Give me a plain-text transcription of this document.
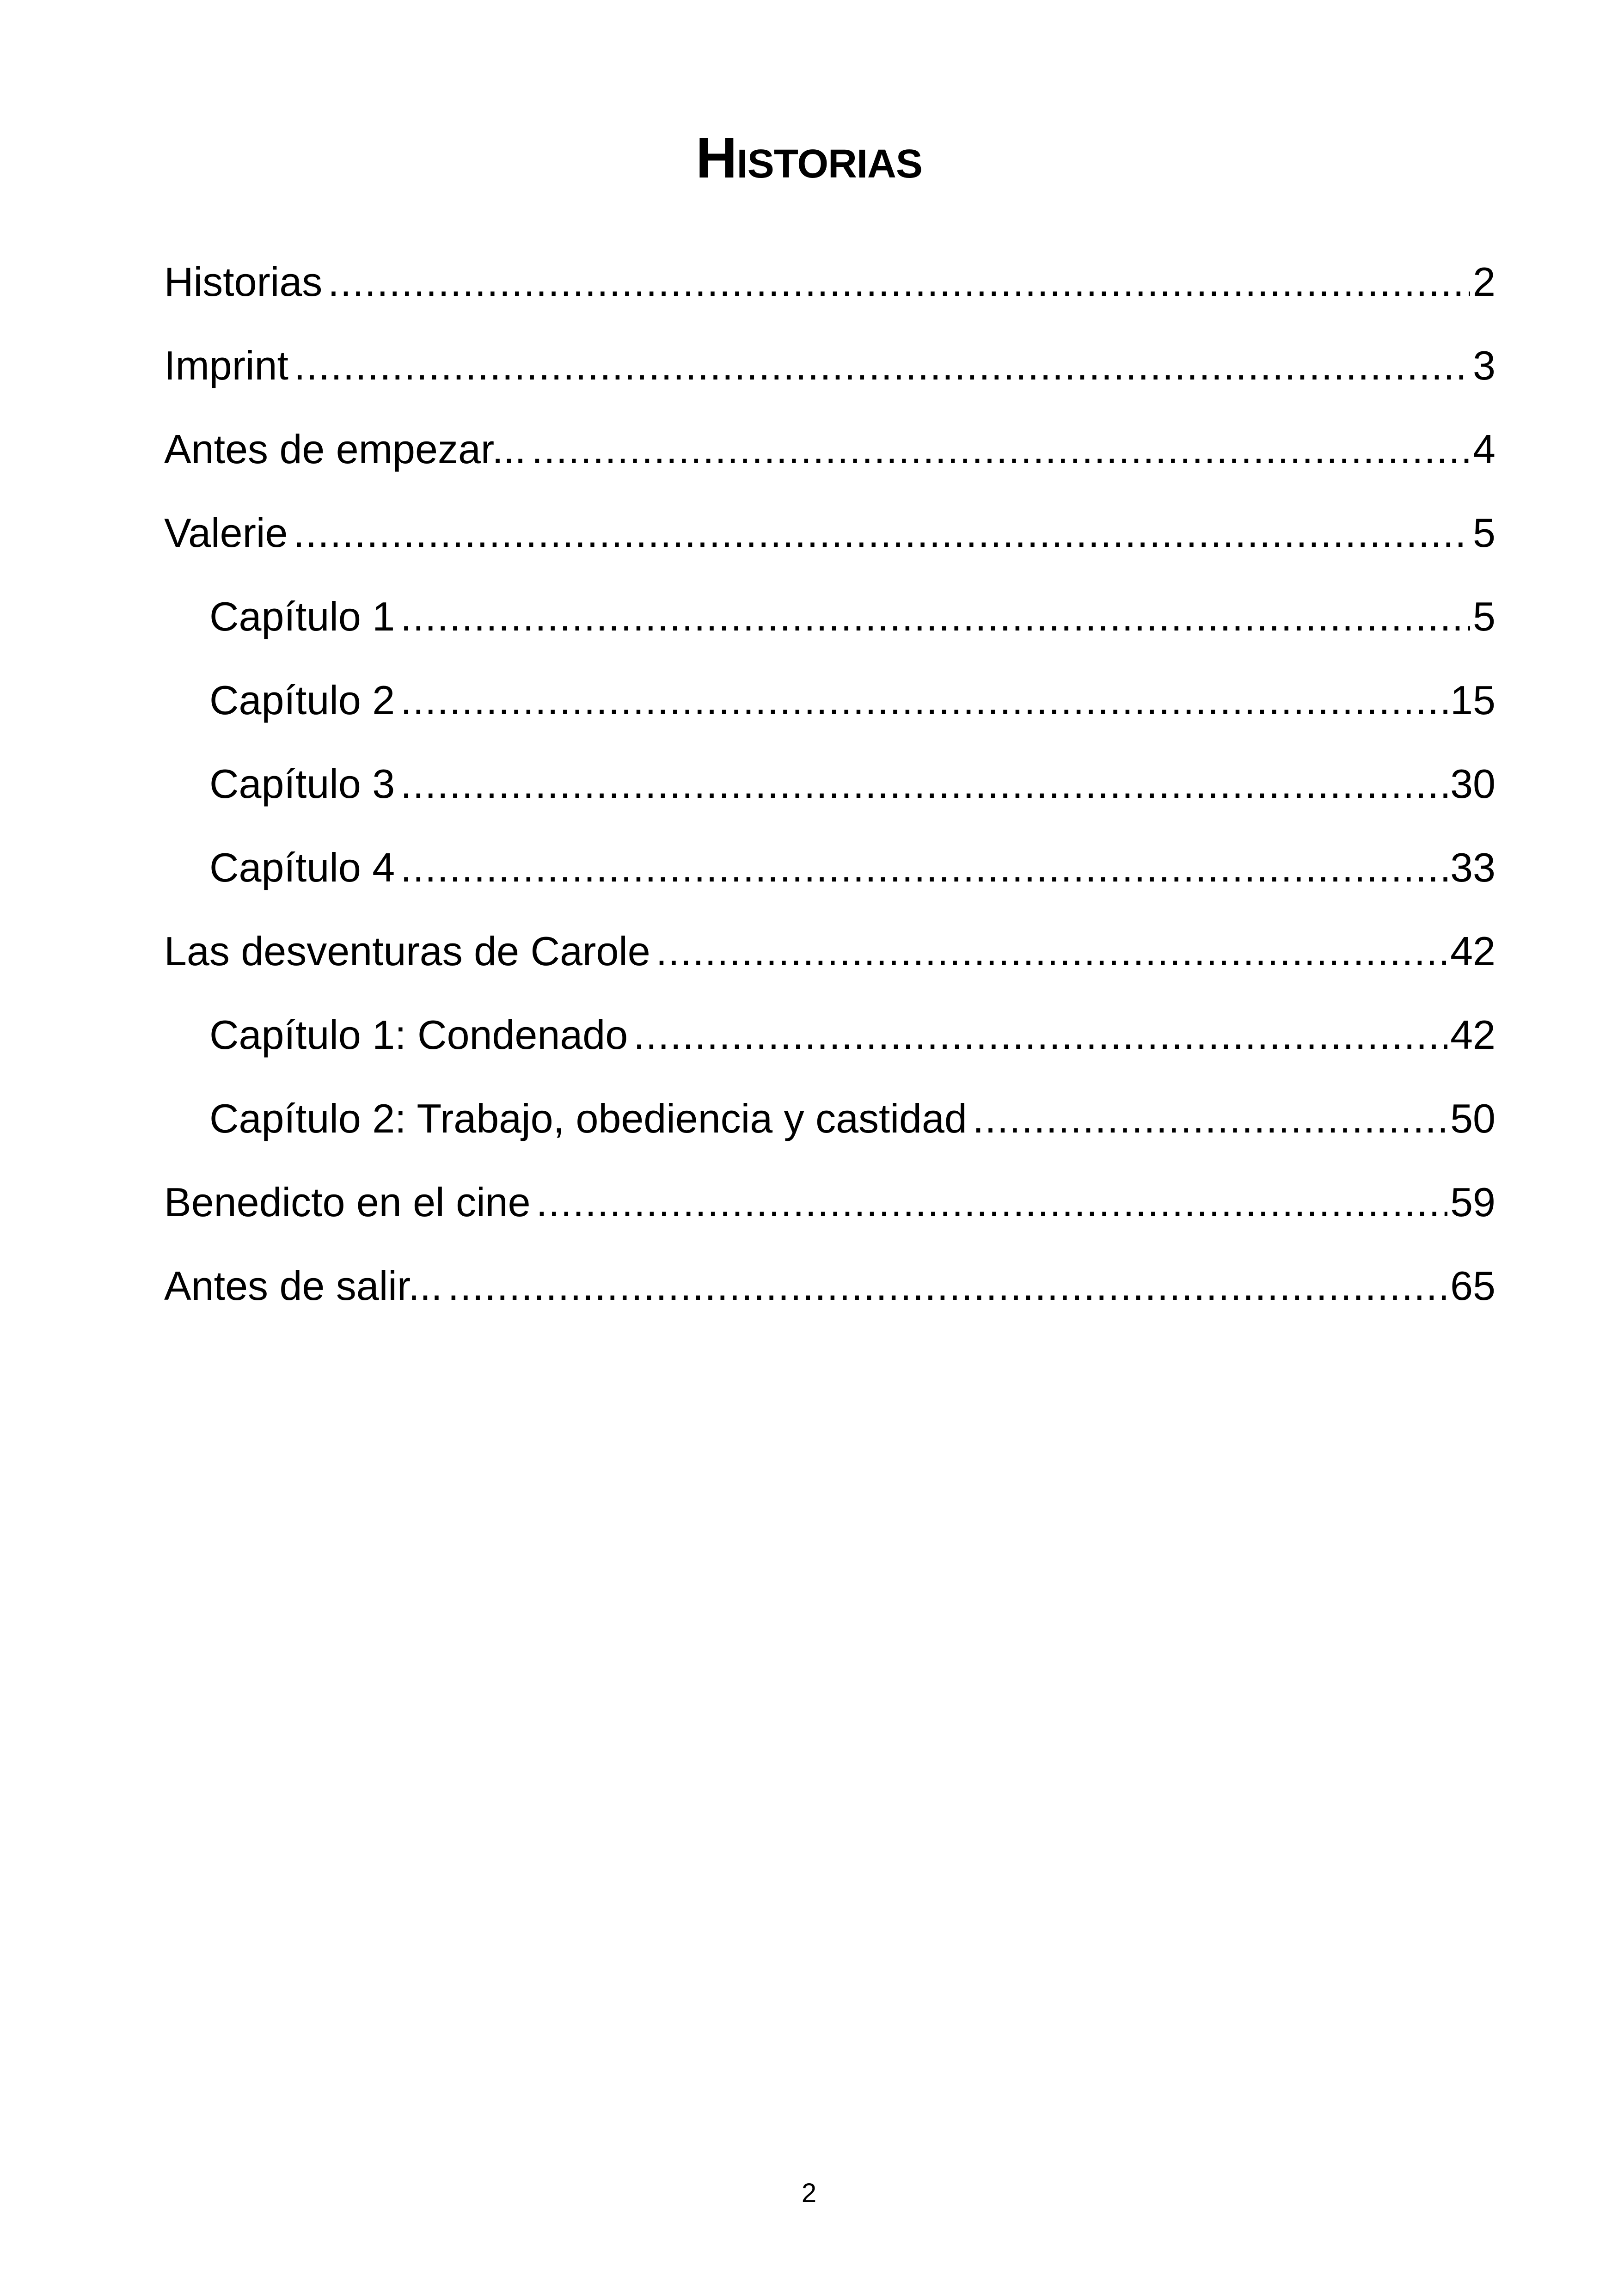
Historias
Historias .....	2
Imprint .....	3
Antes de empezar... .....	4
Valerie .....	5
Capítulo 1 .....	5
Capítulo 2 .....	15
Capítulo 3 .....	30
Capítulo 4 .....	33
Las desventuras de Carole .....	42
Capítulo 1: Condenado .....	42
Capítulo 2: Trabajo, obediencia y castidad .....	50
Benedicto en el cine .....	59
Antes de salir... .....	65
2
